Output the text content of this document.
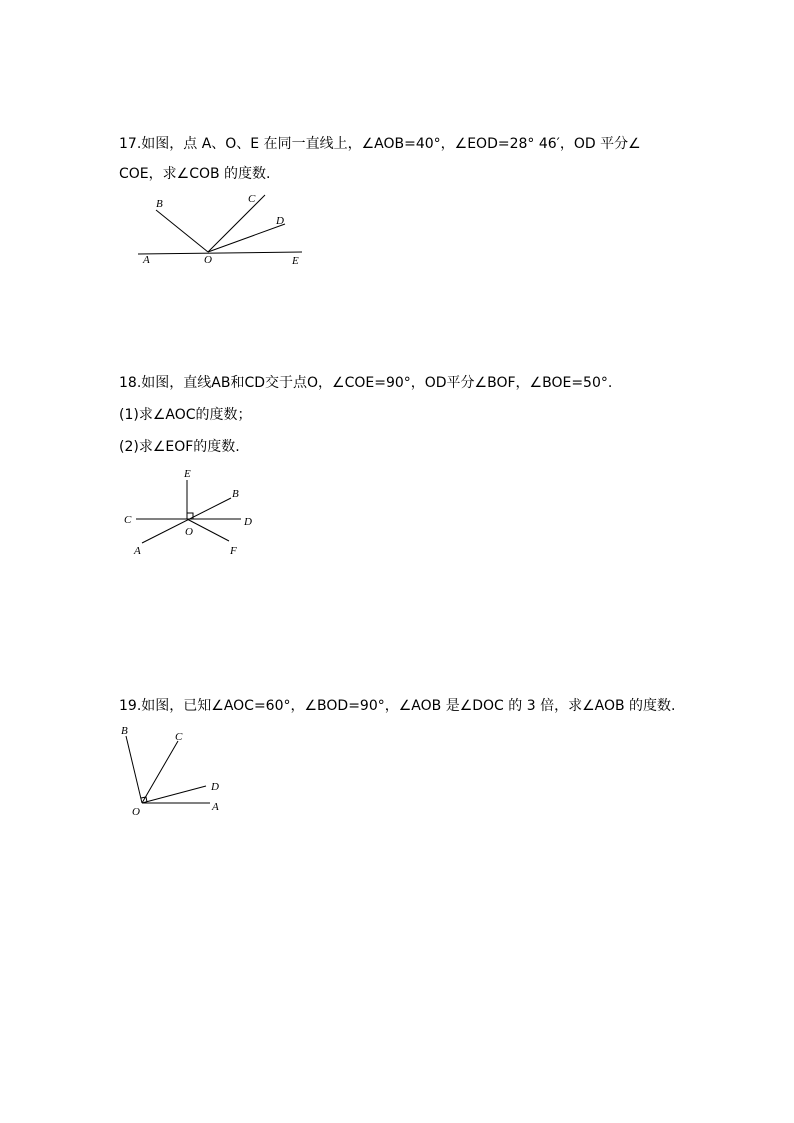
17.如图，点 A、O、E 在同一直线上，∠AOB=40°，∠EOD=28° 46′，OD 平分∠
COE，求∠COB 的度数.
B	C
D
A	O	E
18.如图，直线AB和CD交于点O，∠COE=90°，OD平分∠BOF，∠BOE=50°.
(1)求∠AOC的度数；
(2)求∠EOF的度数.
E
B
C	D
O
A	F
19.如图，已知∠AOC=60°，∠BOD=90°，∠AOB 是∠DOC 的 3 倍，求∠AOB 的度数.
B	C
D
A
O
